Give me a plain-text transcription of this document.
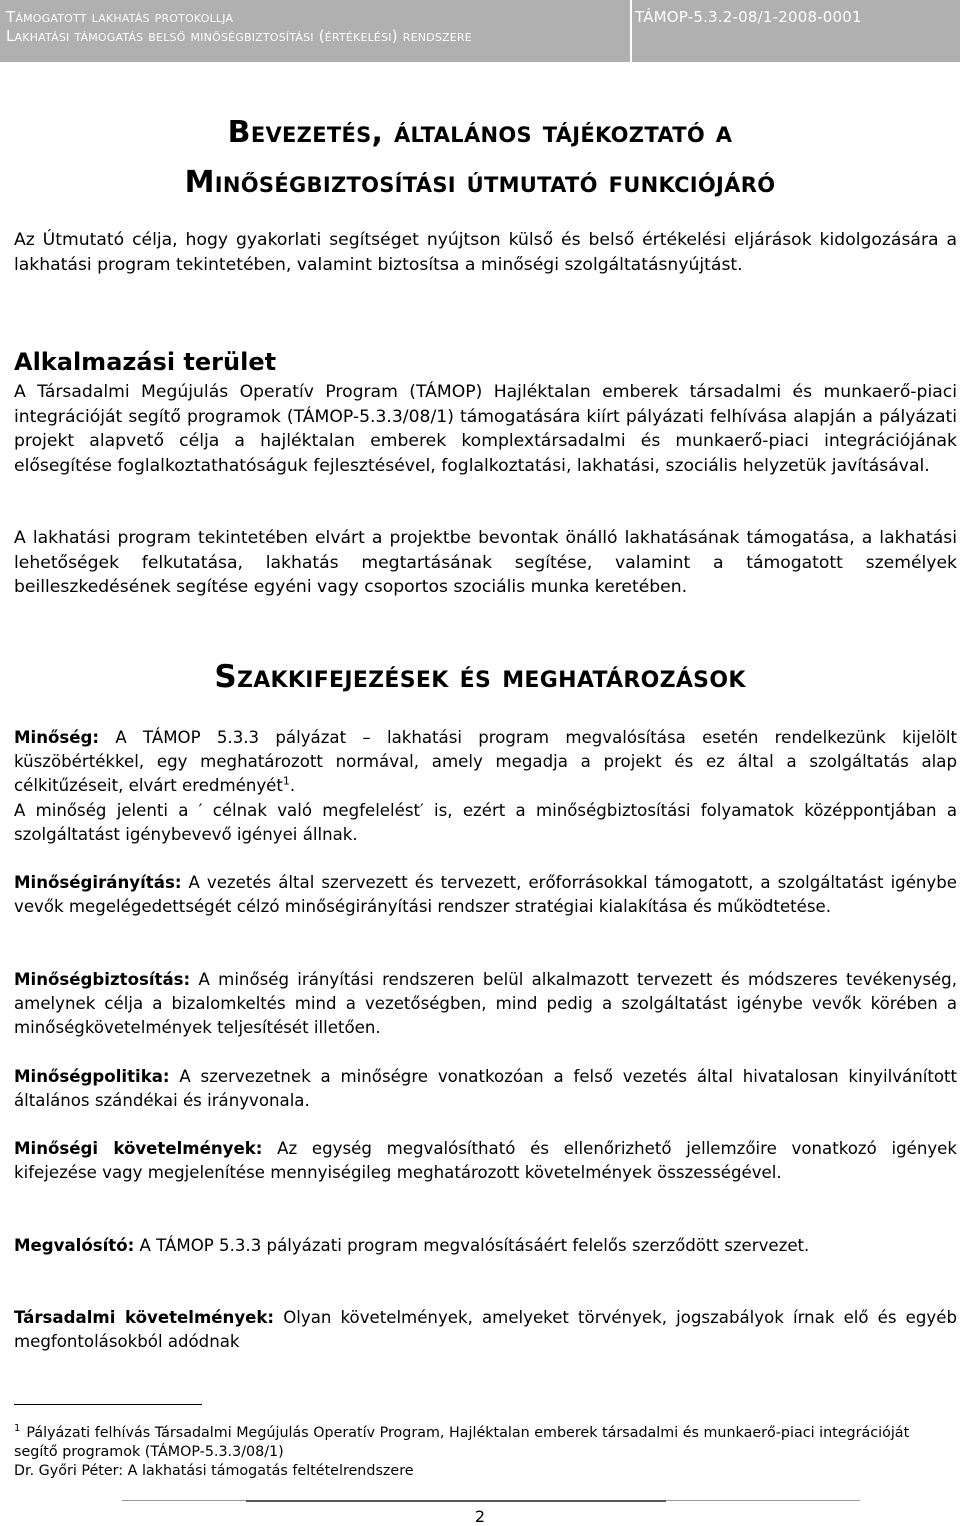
Támogatott lakhatás protokollja
Lakhatási támogatás belső minőségbiztosítási (értékelési) rendszere
TÁMOP-5.3.2-08/1-2008-0001
Bevezetés, általános tájékoztató a
Minőségbiztosítási útmutató funkciójáró
Az Útmutató célja, hogy gyakorlati segítséget nyújtson külső és belső értékelési eljárások kidolgozására a lakhatási program tekintetében, valamint biztosítsa a minőségi szolgáltatásnyújtást.
Alkalmazási terület
A Társadalmi Megújulás Operatív Program (TÁMOP) Hajléktalan emberek társadalmi és munkaerő-piaci integrációját segítő programok (TÁMOP-5.3.3/08/1) támogatására kiírt pályázati felhívása alapján a pályázati projekt alapvető célja a hajléktalan emberek komplextársadalmi és munkaerő-piaci integrációjának elősegítése foglalkoztathatóságuk fejlesztésével, foglalkoztatási, lakhatási, szociális helyzetük javításával.
A lakhatási program tekintetében elvárt a projektbe bevontak önálló lakhatásának támogatása, a lakhatási lehetőségek felkutatása, lakhatás megtartásának segítése, valamint a támogatott személyek beilleszkedésének segítése egyéni vagy csoportos szociális munka keretében.
Szakkifejezések és meghatározások
Minőség: A TÁMOP 5.3.3 pályázat – lakhatási program megvalósítása esetén rendelkezünk kijelölt küszöbértékkel, egy meghatározott normával, amely megadja a projekt és ez által a szolgáltatás alap célkitűzéseit, elvárt eredményét$^1$.
A minőség jelenti a ′ célnak való megfelelést′ is, ezért a minőségbiztosítási folyamatok középpontjában a szolgáltatást igénybevevő igényei állnak.
Minőségirányítás: A vezetés által szervezett és tervezett, erőforrásokkal támogatott, a szolgáltatást igénybe vevők megelégedettségét célzó minőségirányítási rendszer stratégiai kialakítása és működtetése.
Minőségbiztosítás: A minőség irányítási rendszeren belül alkalmazott tervezett és módszeres tevékenység, amelynek célja a bizalomkeltés mind a vezetőségben, mind pedig a szolgáltatást igénybe vevők körében a minőségkövetelmények teljesítését illetően.
Minőségpolitika: A szervezetnek a minőségre vonatkozóan a felső vezetés által hivatalosan kinyilvánított általános szándékai és irányvonala.
Minőségi követelmények: Az egység megvalósítható és ellenőrizhető jellemzőire vonatkozó igények kifejezése vagy megjelenítése mennyiségileg meghatározott követelmények összességével.
Megvalósító: A TÁMOP 5.3.3 pályázati program megvalósításáért felelős szerződött szervezet.
Társadalmi követelmények: Olyan követelmények, amelyeket törvények, jogszabályok írnak elő és egyéb megfontolásokból adódnak
$^1$ Pályázati felhívás Társadalmi Megújulás Operatív Program, Hajléktalan emberek társadalmi és munkaerő-piaci integrációját segítő programok (TÁMOP-5.3.3/08/1)
Dr. Győri Péter: A lakhatási támogatás feltételrendszere
2
